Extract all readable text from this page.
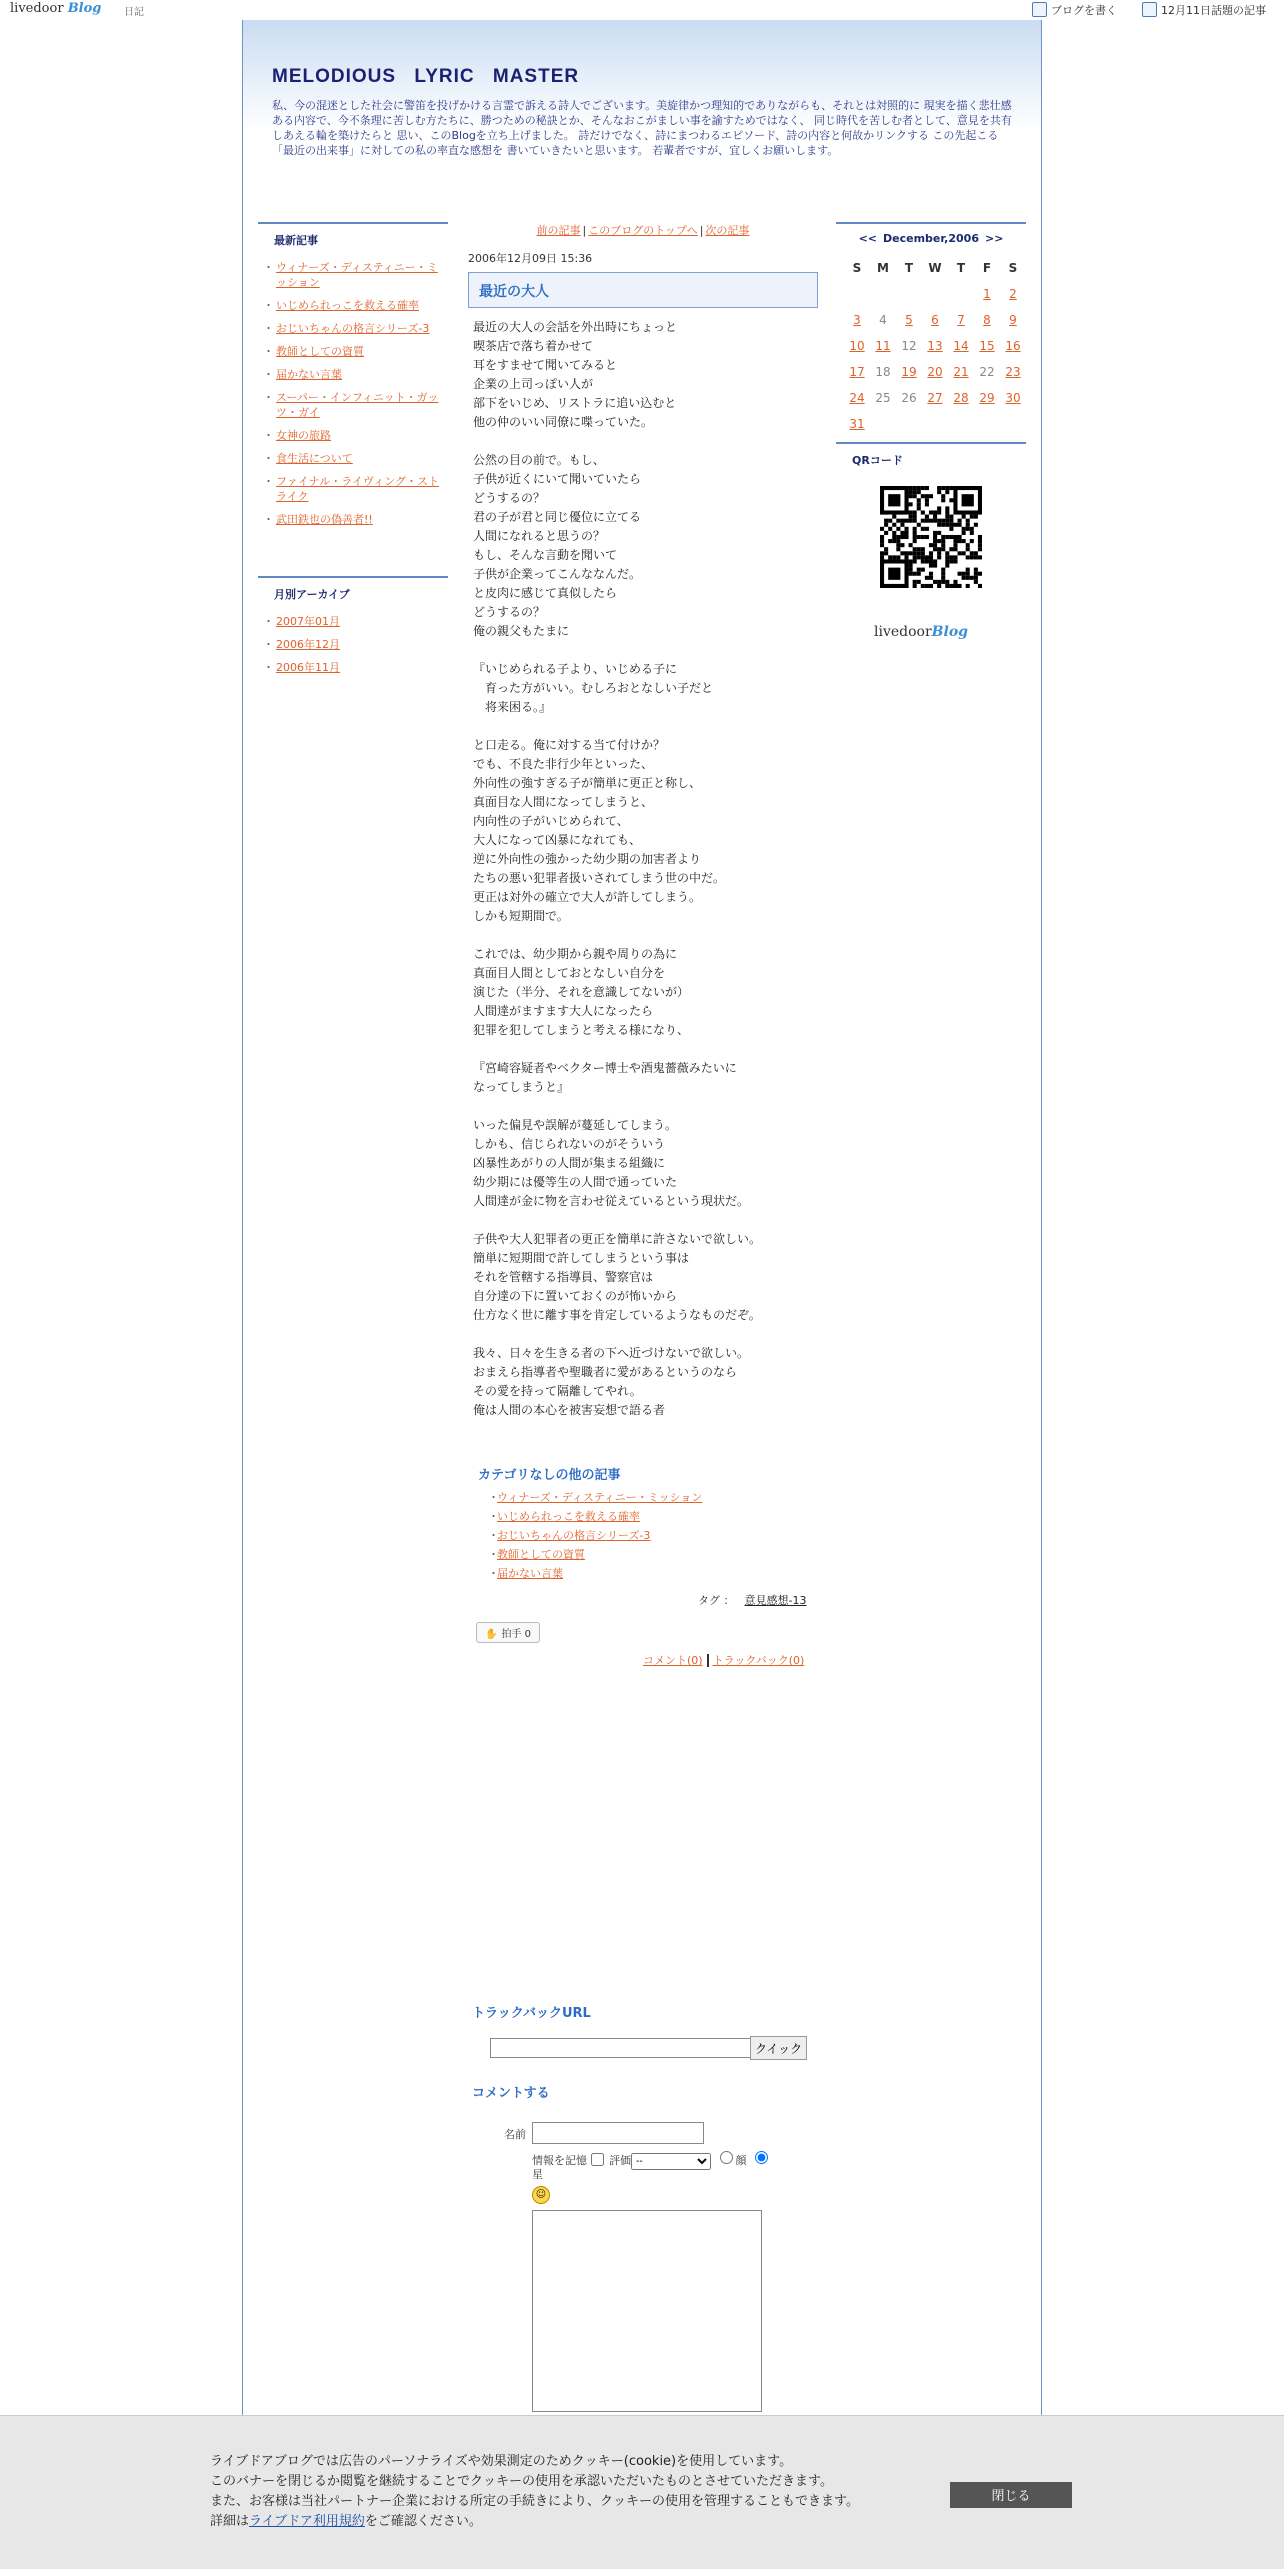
livedoor Blog 日記	ブログを書く	12月11日話題の記事
MELODIOUS LYRIC MASTER
私、今の混迷とした社会に警笛を投げかける言霊で訴える詩人でございます。美旋律かつ理知的でありながらも、それとは対照的に 現実を描く悲壮感ある内容で、今不条理に苦しむ方たちに、勝つための秘訣とか、そんなおこがましい事を諭すためではなく、 同じ時代を苦しむ者として、意見を共有しあえる輪を築けたらと 思い、このBlogを立ち上げました。 詩だけでなく、詩にまつわるエピソード、詩の内容と何故かリンクする この先起こる「最近の出来事」に対しての私の率直な感想を 書いていきたいと思います。 若輩者ですが、宜しくお願いします。
最新記事
・ ウィナーズ・ディスティニー・ミッション
・ いじめられっこを救える確率
・ おじいちゃんの格言シリーズ-3
・ 教師としての資質
・ 届かない言葉
・ スーパー・インフィニット・ガッツ・ガイ
・ 女神の旅路
・ 食生活について
・ ファイナル・ライヴィング・ストライク
・ 武田鉄也の偽善者!!
月別アーカイブ
・ 2007年01月
・ 2006年12月
・ 2006年11月
前の記事 | このブログのトップへ | 次の記事
2006年12月09日 15:36
最近の大人

最近の大人の会話を外出時にちょっと
喫茶店で落ち着かせて
耳をすませて聞いてみると
企業の上司っぽい人が
部下をいじめ、リストラに追い込むと
他の仲のいい同僚に喋っていた。

公然の目の前で。もし、
子供が近くにいて聞いていたら
どうするの？
君の子が君と同じ優位に立てる
人間になれると思うの？
もし、そんな言動を聞いて
子供が企業ってこんななんだ。
と皮肉に感じて真似したら
どうするの？
俺の親父もたまに

『いじめられる子より、いじめる子に
　育った方がいい。むしろおとなしい子だと
　将来困る。』

と口走る。俺に対する当て付けか？
でも、不良た非行少年といった、
外向性の強すぎる子が簡単に更正と称し、
真面目な人間になってしまうと、
内向性の子がいじめられて、
大人になって凶暴になれても、
逆に外向性の強かった幼少期の加害者より
たちの悪い犯罪者扱いされてしまう世の中だ。
更正は対外の確立で大人が許してしまう。
しかも短期間で。

これでは、幼少期から親や周りの為に
真面目人間としておとなしい自分を
演じた（半分、それを意識してないが）
人間達がますます大人になったら
犯罪を犯してしまうと考える様になり、

『宮崎容疑者やベクター博士や酒鬼薔薇みたいに
なってしまうと』

いった偏見や誤解が蔓延してしまう。
しかも、信じられないのがそういう
凶暴性あがりの人間が集まる組織に
幼少期には優等生の人間で通っていた
人間達が金に物を言わせ従えているという現状だ。

子供や大人犯罪者の更正を簡単に許さないで欲しい。
簡単に短期間で許してしまうという事は
それを管轄する指導員、警察官は
自分達の下に置いておくのが怖いから
仕方なく世に離す事を肯定しているようなものだぞ。

我々、日々を生きる者の下へ近づけないで欲しい。
おまえら指導者や聖職者に愛があるというのなら
その愛を持って隔離してやれ。
俺は人間の本心を被害妄想で語る者

カテゴリなしの他の記事
・ ウィナーズ・ディスティニー・ミッション
・ いじめられっこを救える確率
・ おじいちゃんの格言シリーズ-3
・ 教師としての資質
・ 届かない言葉
タグ ： 意見感想-13
✋ 拍手 0
コメント(0) トラックバック(0)
トラックバックURL
クイック
コメントする
名前
情報を記憶 評価
--	顔
星
☺
<< December,2006 >>
S	M	T	W	T	F	S
					1	2
3	4	5	6	7	8	9
10	11	12	13	14	15	16
17	18	19	20	21	22	23
24	25	26	27	28	29	30
31						
QRコード
livedoorBlog
ライブドアブログでは広告のパーソナライズや効果測定のためクッキー(cookie)を使用しています。
このバナーを閉じるか閲覧を継続することでクッキーの使用を承認いただいたものとさせていただきます。
また、お客様は当社パートナー企業における所定の手続きにより、クッキーの使用を管理することもできます。
詳細はライブドア利用規約をご確認ください。
閉じる
